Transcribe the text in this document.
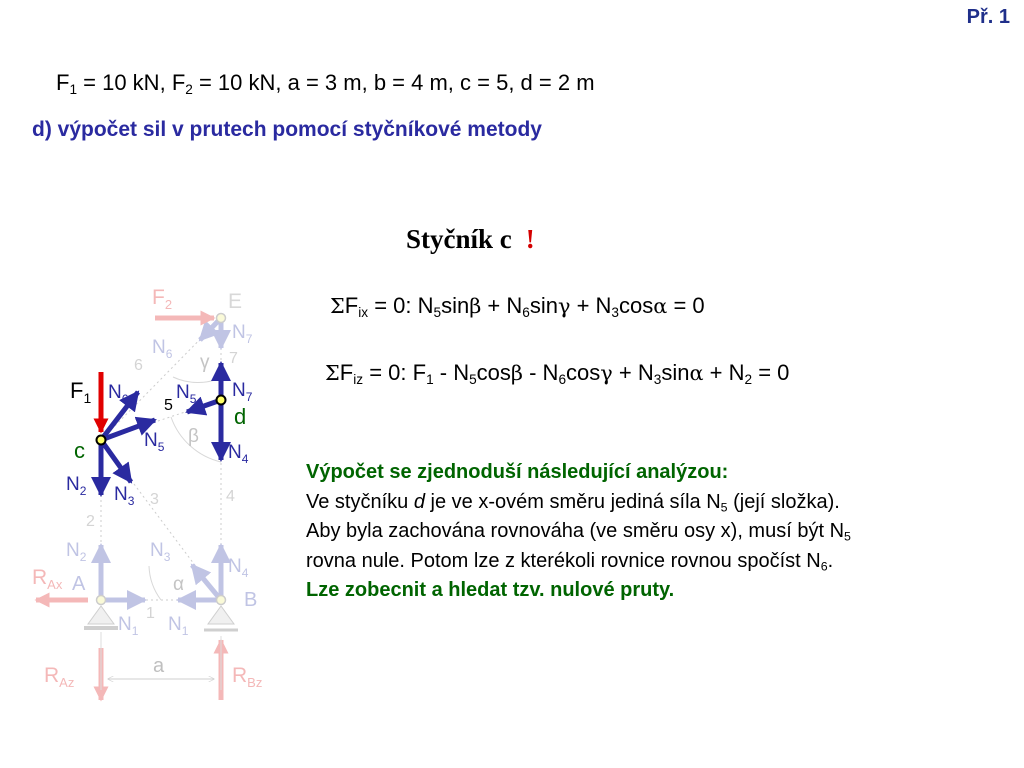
Př. 1
$F_1 = 10$ kN, $F_2 = 10$ kN, a = 3 m, b = 4 m, c = 5, d = 2 m
d) výpočet sil v prutech pomocí styčníkové metody
Styčník c !
$\Sigma F_{ix} = 0$: $N_5\sin\beta + N_6\sin\gamma + N_3\cos\alpha = 0$
$\Sigma F_{iz} = 0$: $F_1 - N_5\cos\beta - N_6\cos\gamma + N_3\sin\alpha + N_2 = 0$
Výpočet se zjednoduší následující analýzou:
Ve styčníku d je ve x-ovém směru jediná síla $N_5$ (její složka).
Aby byla zachována rovnováha (ve směru osy x), musí být $N_5$
rovna nule. Potom lze z kterékoli rovnice rovnou spočíst $N_6$.
Lze zobecnit a hledat tzv. nulové pruty.
$F_2$	E
$N_7$
$N_6$
$N_2$	$N_3$	$N_4$
$N_1$ $N_1$
A
B
$R_{Ax}$
$R_{Az}$	$R_{Bz}$
6	7
4
3
2
1
a
γ
β
α
$N_6$	$N_5$ $N_7$
$N_5$	$N_4$
$N_2$ $N_3$
5
$F_1$
c
d
